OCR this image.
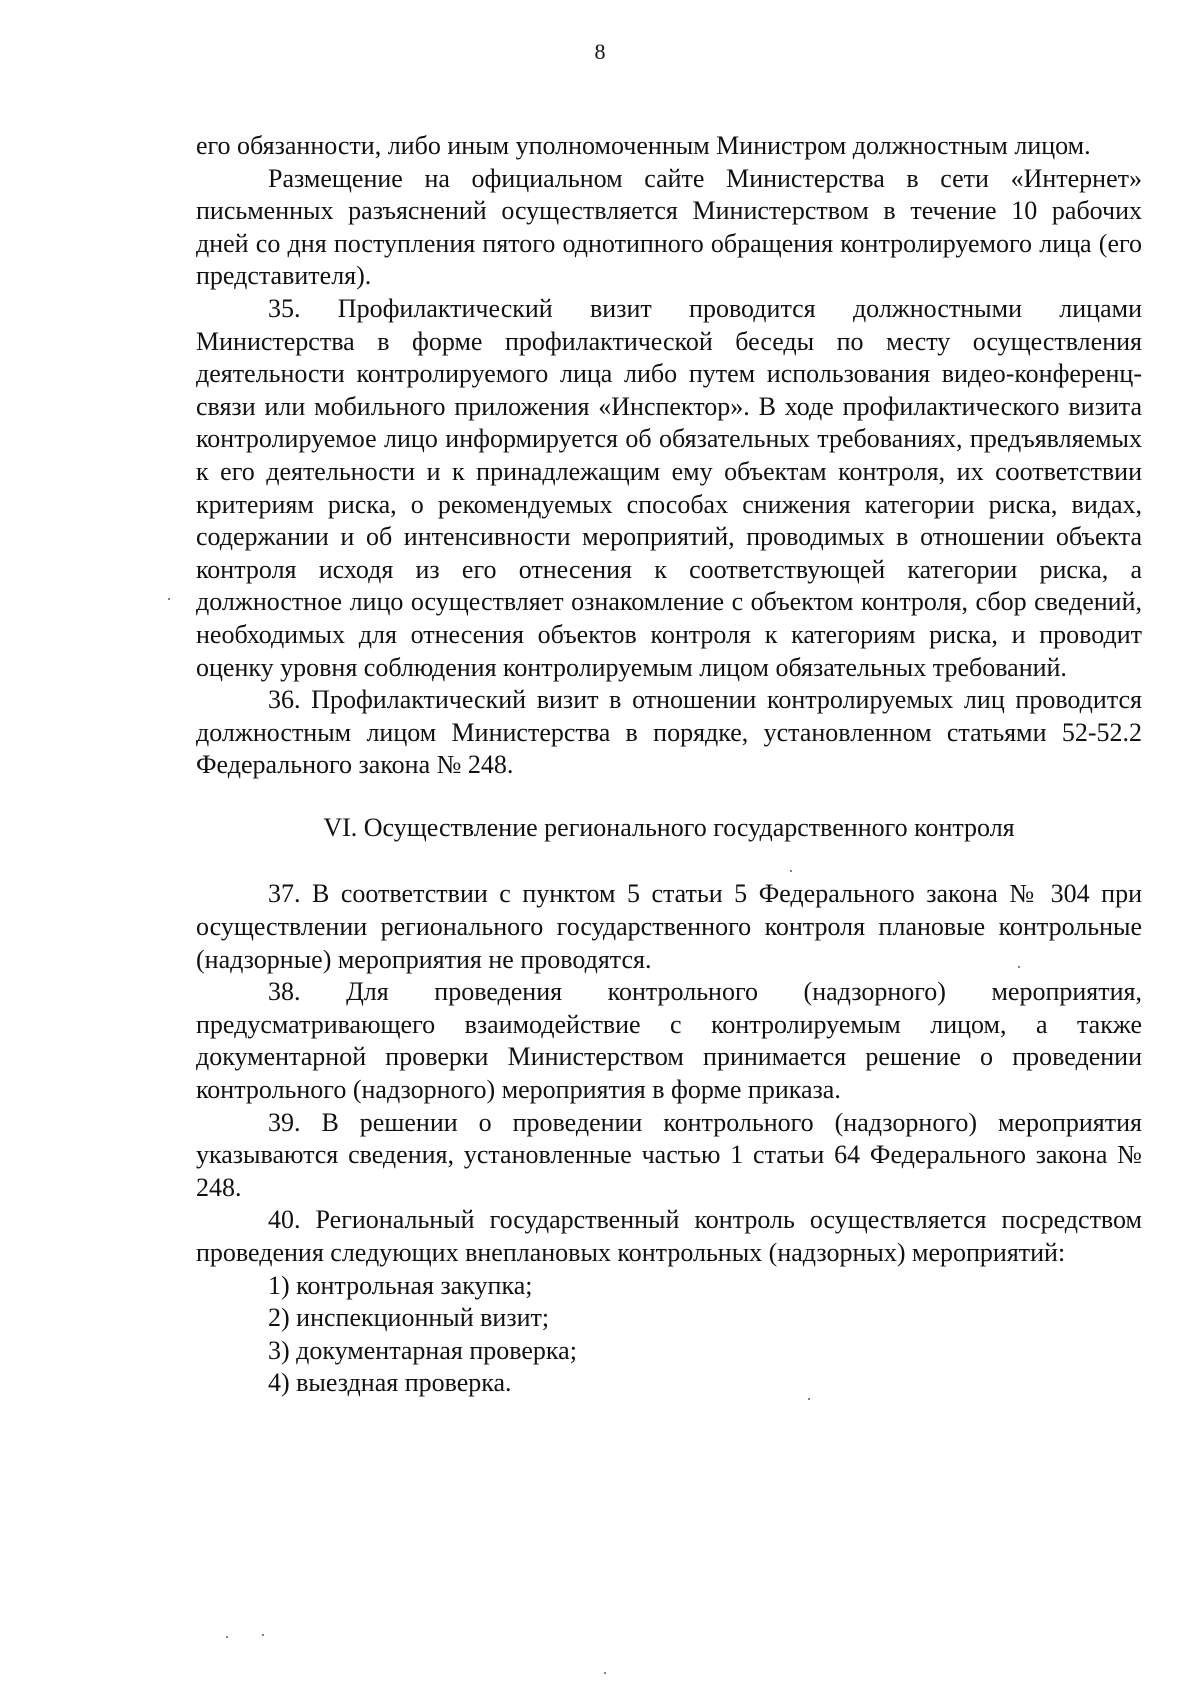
8

его обязанности, либо иным уполномоченным Министром должностным лицом.

Размещение на официальном сайте Министерства в сети «Интернет» письменных разъяснений осуществляется Министерством в течение 10 рабочих дней со дня поступления пятого однотипного обращения контролируемого лица (его представителя).

35. Профилактический визит проводится должностными лицами Министерства в форме профилактической беседы по месту осуществления деятельности контролируемого лица либо путем использования видео-конференц-связи или мобильного приложения «Инспектор». В ходе профилактического визита контролируемое лицо информируется об обязательных требованиях, предъявляемых к его деятельности и к принадлежащим ему объектам контроля, их соответствии критериям риска, о рекомендуемых способах снижения категории риска, видах, содержании и об интенсивности мероприятий, проводимых в отношении объекта контроля исходя из его отнесения к соответствующей категории риска, а должностное лицо осуществляет ознакомление с объектом контроля, сбор сведений, необходимых для отнесения объектов контроля к категориям риска, и проводит оценку уровня соблюдения контролируемым лицом обязательных требований.

36. Профилактический визит в отношении контролируемых лиц проводится должностным лицом Министерства в порядке, установленном статьями 52-52.2 Федерального закона № 248.

VI. Осуществление регионального государственного контроля

37. В соответствии с пунктом 5 статьи 5 Федерального закона № 304 при осуществлении регионального государственного контроля плановые контрольные (надзорные) мероприятия не проводятся.

38. Для проведения контрольного (надзорного) мероприятия, предусматривающего взаимодействие с контролируемым лицом, а также документарной проверки Министерством принимается решение о проведении контрольного (надзорного) мероприятия в форме приказа.

39. В решении о проведении контрольного (надзорного) мероприятия указываются сведения, установленные частью 1 статьи 64 Федерального закона № 248.

40. Региональный государственный контроль осуществляется посредством проведения следующих внеплановых контрольных (надзорных) мероприятий:

1) контрольная закупка;

2) инспекционный визит;

3) документарная проверка;

4) выездная проверка.
